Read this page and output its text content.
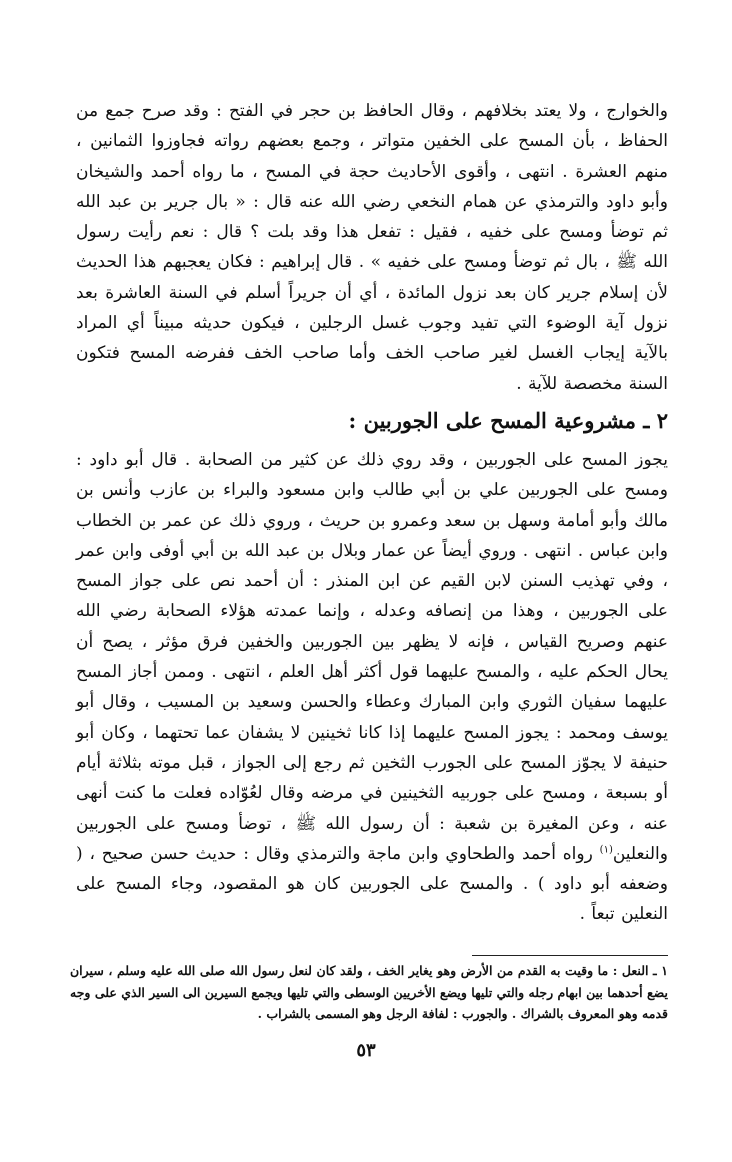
والخوارج ، ولا يعتد بخلافهم ، وقال الحافظ بن حجر في الفتح : وقد صرح جمع من الحفاظ ، بأن المسح على الخفين متواتر ، وجمع بعضهم رواته فجاوزوا الثمانين ، منهم العشرة . انتهى ، وأقوى الأحاديث حجة في المسح ، ما رواه أحمد والشيخان وأبو داود والترمذي عن همام النخعي رضي الله عنه قال : « بال جرير بن عبد الله ثم توضأ ومسح على خفيه ، فقيل : تفعل هذا وقد بلت ؟ قال : نعم رأيت رسول الله ﷺ ، بال ثم توضأ ومسح على خفيه » . قال إبراهيم : فكان يعجبهم هذا الحديث لأن إسلام جرير كان بعد نزول المائدة ، أي أن جريراً أسلم في السنة العاشرة بعد نزول آية الوضوء التي تفيد وجوب غسل الرجلين ، فيكون حديثه مبيناً أي المراد بالآية إيجاب الغسل لغير صاحب الخف وأما صاحب الخف ففرضه المسح فتكون السنة مخصصة للآية .

٢ ـ مشروعية المسح على الجوربين :

يجوز المسح على الجوربين ، وقد روي ذلك عن كثير من الصحابة . قال أبو داود : ومسح على الجوربين علي بن أبي طالب وابن مسعود والبراء بن عازب وأنس بن مالك وأبو أمامة وسهل بن سعد وعمرو بن حريث ، وروي ذلك عن عمر بن الخطاب وابن عباس . انتهى . وروي أيضاً عن عمار وبلال بن عبد الله بن أبي أوفى وابن عمر ، وفي تهذيب السنن لابن القيم عن ابن المنذر : أن أحمد نص على جواز المسح على الجوربين ، وهذا من إنصافه وعدله ، وإنما عمدته هؤلاء الصحابة رضي الله عنهم وصريح القياس ، فإنه لا يظهر بين الجوربين والخفين فرق مؤثر ، يصح أن يحال الحكم عليه ، والمسح عليهما قول أكثر أهل العلم ، انتهى . وممن أجاز المسح عليهما سفيان الثوري وابن المبارك وعطاء والحسن وسعيد بن المسيب ، وقال أبو يوسف ومحمد : يجوز المسح عليهما إذا كانا ثخينين لا يشفان عما تحتهما ، وكان أبو حنيفة لا يجوّز المسح على الجورب الثخين ثم رجع إلى الجواز ، قبل موته بثلاثة أيام أو بسبعة ، ومسح على جوربيه الثخينين في مرضه وقال لعُوّاده فعلت ما كنت أنهى عنه ، وعن المغيرة بن شعبة : أن رسول الله ﷺ ، توضأ ومسح على الجوربين والنعلين$^{(١)}$ رواه أحمد والطحاوي وابن ماجة والترمذي وقال : حديث حسن صحيح ، ( وضعفه أبو داود ) . والمسح على الجوربين كان هو المقصود، وجاء المسح على النعلين تبعاً .

١ ـ النعل : ما وقيت به القدم من الأرض وهو يغاير الخف ، ولقد كان لنعل رسول الله صلى الله عليه وسلم ، سيران يضع أحدهما بين ابهام رجله والتي تليها ويضع الأخريين الوسطى والتي تليها ويجمع السيرين الى السير الذي على وجه قدمه وهو المعروف بالشراك . والجورب : لفافة الرجل وهو المسمى بالشراب .
٥٣
